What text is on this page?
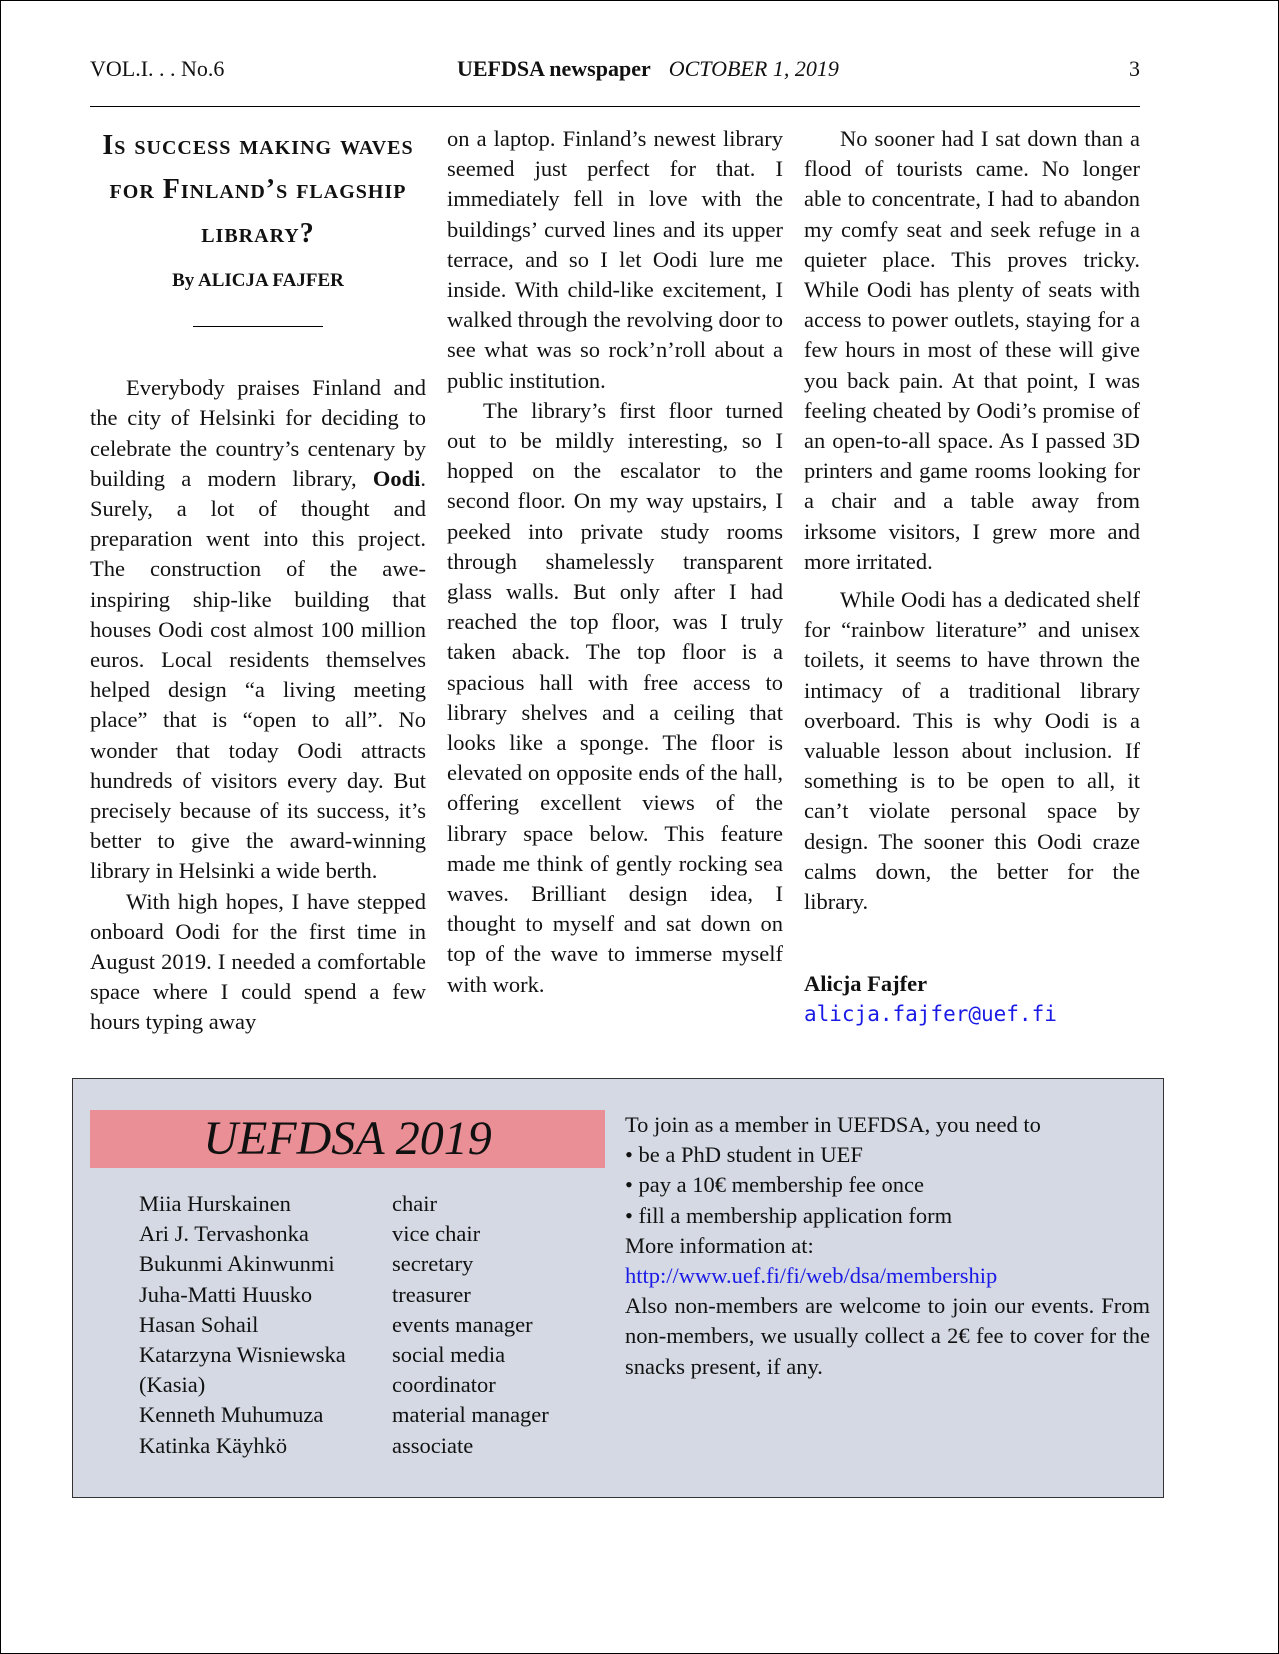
VOL.I. . . No.6	UEFDSA newspaper OCTOBER 1, 2019	3
Is success making waves for Finland’s flagship library?
By ALICJA FAJFER

Everybody praises Finland and the city of Helsinki for deciding to celebrate the country’s centenary by building a modern library, Oodi. Surely, a lot of thought and preparation went into this project. The construction of the awe-inspiring ship-like building that houses Oodi cost almost 100 million euros. Local residents themselves helped design “a living meeting place” that is “open to all”. No wonder that today Oodi attracts hundreds of visitors every day. But precisely because of its success, it’s better to give the award-winning library in Helsinki a wide berth.

With high hopes, I have stepped onboard Oodi for the first time in August 2019. I needed a comfortable space where I could spend a few hours typing away

on a laptop. Finland’s newest library seemed just perfect for that. I immediately fell in love with the buildings’ curved lines and its upper terrace, and so I let Oodi lure me inside. With child-like excitement, I walked through the revolving door to see what was so rock’n’roll about a public institution.

The library’s first floor turned out to be mildly interesting, so I hopped on the escalator to the second floor. On my way upstairs, I peeked into private study rooms through shamelessly transparent glass walls. But only after I had reached the top floor, was I truly taken aback. The top floor is a spacious hall with free access to library shelves and a ceiling that looks like a sponge. The floor is elevated on opposite ends of the hall, offering excellent views of the library space below. This feature made me think of gently rocking sea waves. Brilliant design idea, I thought to myself and sat down on top of the wave to immerse myself with work.

No sooner had I sat down than a flood of tourists came. No longer able to concentrate, I had to abandon my comfy seat and seek refuge in a quieter place. This proves tricky. While Oodi has plenty of seats with access to power outlets, staying for a few hours in most of these will give you back pain. At that point, I was feeling cheated by Oodi’s promise of an open-to-all space. As I passed 3D printers and game rooms looking for a chair and a table away from irksome visitors, I grew more and more irritated.

While Oodi has a dedicated shelf for “rainbow literature” and unisex toilets, it seems to have thrown the intimacy of a traditional library overboard. This is why Oodi is a valuable lesson about inclusion. If something is to be open to all, it can’t violate personal space by design. The sooner this Oodi craze calms down, the better for the library.

Alicja Fajfer
alicja.fajfer@uef.fi
UEFDSA 2019
Miia Hurskainen	chair
Ari J. Tervashonka	vice chair
Bukunmi Akinwunmi	secretary
Juha-Matti Huusko	treasurer
Hasan Sohail	events manager
Katarzyna Wisniewska	social media
(Kasia)	coordinator
Kenneth Muhumuza	material manager
Katinka Käyhkö	associate
To join as a member in UEFDSA, you need to
• be a PhD student in UEF
• pay a 10€ membership fee once
• fill a membership application form
More information at:
http://www.uef.fi/fi/web/dsa/membership
Also non-members are welcome to join our events. From non-members, we usually collect a 2€ fee to cover for the snacks present, if any.
